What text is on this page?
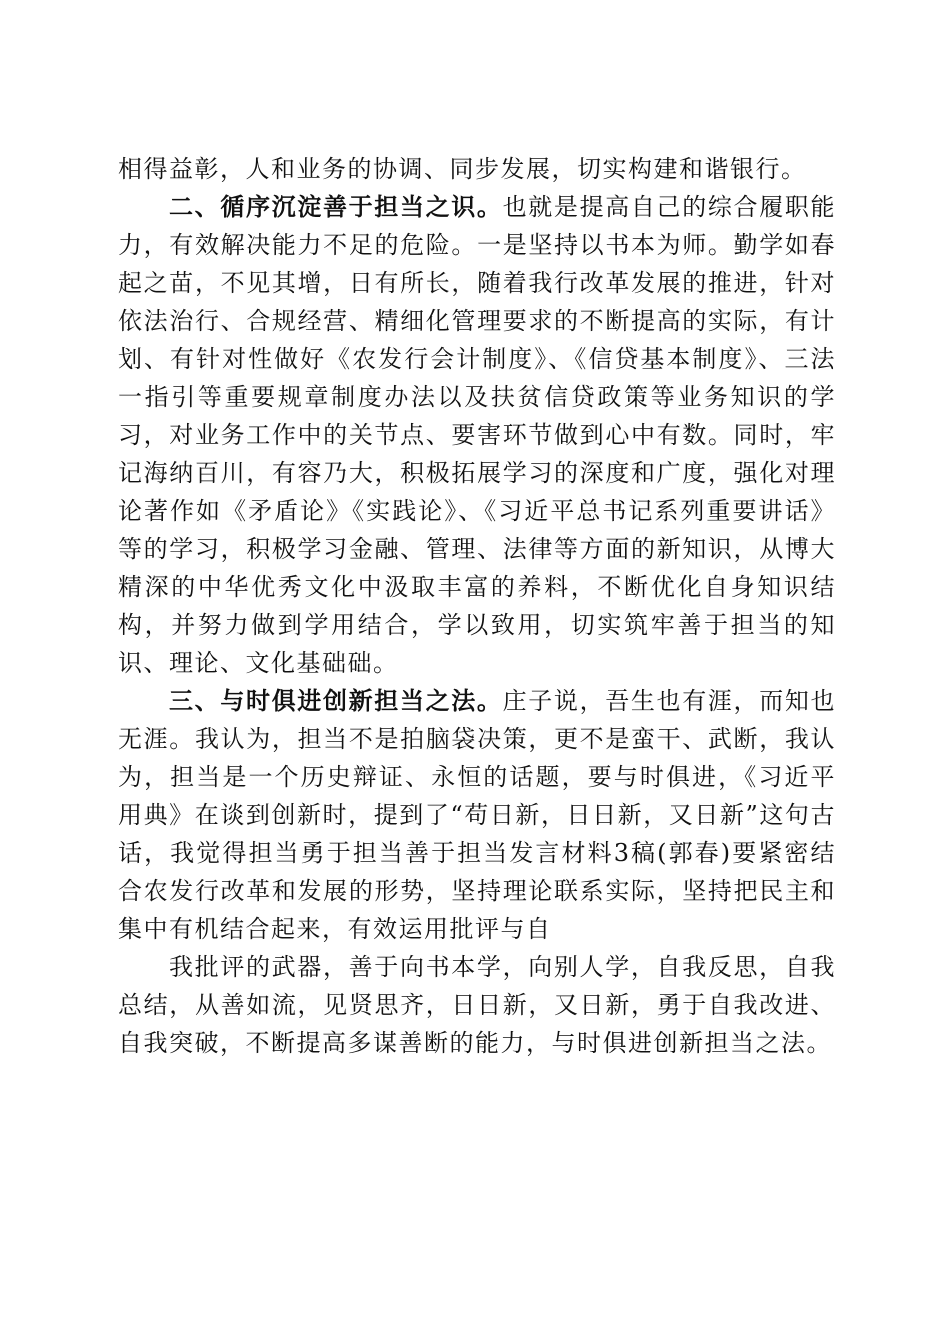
相得益彰，人和业务的协调、同步发展，切实构建和谐银行。

二、循序沉淀善于担当之识。也就是提高自己的综合履职能力，有效解决能力不足的危险。一是坚持以书本为师。勤学如春起之苗，不见其增，日有所长，随着我行改革发展的推进，针对依法治行、合规经营、精细化管理要求的不断提高的实际，有计划、有针对性做好《农发行会计制度》、《信贷基本制度》、三法一指引等重要规章制度办法以及扶贫信贷政策等业务知识的学习，对业务工作中的关节点、要害环节做到心中有数。同时，牢记海纳百川，有容乃大，积极拓展学习的深度和广度，强化对理论著作如《矛盾论》《实践论》、《习近平总书记系列重要讲话》等的学习，积极学习金融、管理、法律等方面的新知识，从博大精深的中华优秀文化中汲取丰富的养料，不断优化自身知识结构，并努力做到学用结合，学以致用，切实筑牢善于担当的知识、理论、文化基础础。

三、与时俱进创新担当之法。庄子说，吾生也有涯，而知也无涯。我认为，担当不是拍脑袋决策，更不是蛮干、武断，我认为，担当是一个历史辩证、永恒的话题，要与时俱进，《习近平用典》在谈到创新时，提到了“苟日新，日日新，又日新”这句古话，我觉得担当勇于担当善于担当发言材料3稿(郭春)要紧密结合农发行改革和发展的形势，坚持理论联系实际，坚持把民主和集中有机结合起来，有效运用批评与自

我批评的武器，善于向书本学，向别人学，自我反思，自我总结，从善如流，见贤思齐，日日新，又日新，勇于自我改进、自我突破，不断提高多谋善断的能力，与时俱进创新担当之法。
